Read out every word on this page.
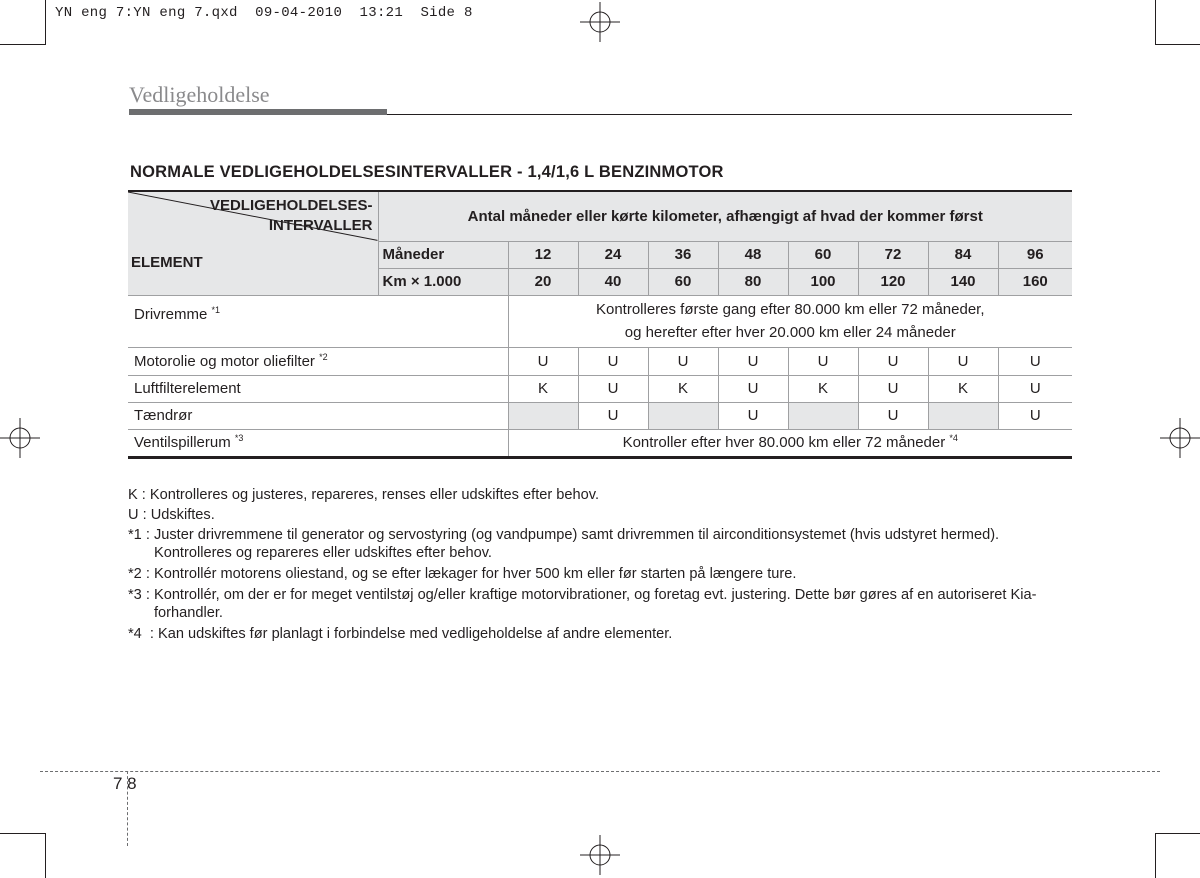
YN eng 7:YN eng 7.qxd  09-04-2010  13:21  Side 8
Vedligeholdelse
NORMALE VEDLIGEHOLDELSESINTERVALLER - 1,4/1,6 L BENZINMOTOR
VEDLIGEHOLDELSES-
INTERVALLER
ELEMENT	Antal måneder eller kørte kilometer, afhængigt af hvad der kommer først								
	Måneder	12	24	36	48	60	72	84	96
	Km × 1.000	20	40	60	80	100	120	140	160
Drivremme $^{*1}$		Kontrolleres første gang efter 80.000 km eller 72 måneder,
og herefter efter hver 20.000 km eller 24 måneder							

Motorolie og motor oliefilter $^{*2}$		U	U	U	U	U	U	U	U
Luftfilterelement		K	U	K	U	K	U	K	U
Tændrør			U		U		U		U
Ventilspillerum $^{*3}$		Kontroller efter hver 80.000 km eller 72 måneder $^{*4}$
K : Kontrolleres og justeres, repareres, renses eller udskiftes efter behov.
U : Udskiftes.
*1 : Juster drivremmene til generator og servostyring (og vandpumpe) samt drivremmen til airconditionsystemet (hvis udstyret hermed).
Kontrolleres og repareres eller udskiftes efter behov.
*2 : Kontrollér motorens oliestand, og se efter lækager for hver 500 km eller før starten på længere ture.
*3 : Kontrollér, om der er for meget ventilstøj og/eller kraftige motorvibrationer, og foretag evt. justering. Dette bør gøres af en autoriseret Kia-forhandler.
*4  : Kan udskiftes før planlagt i forbindelse med vedligeholdelse af andre elementer.
7 8
